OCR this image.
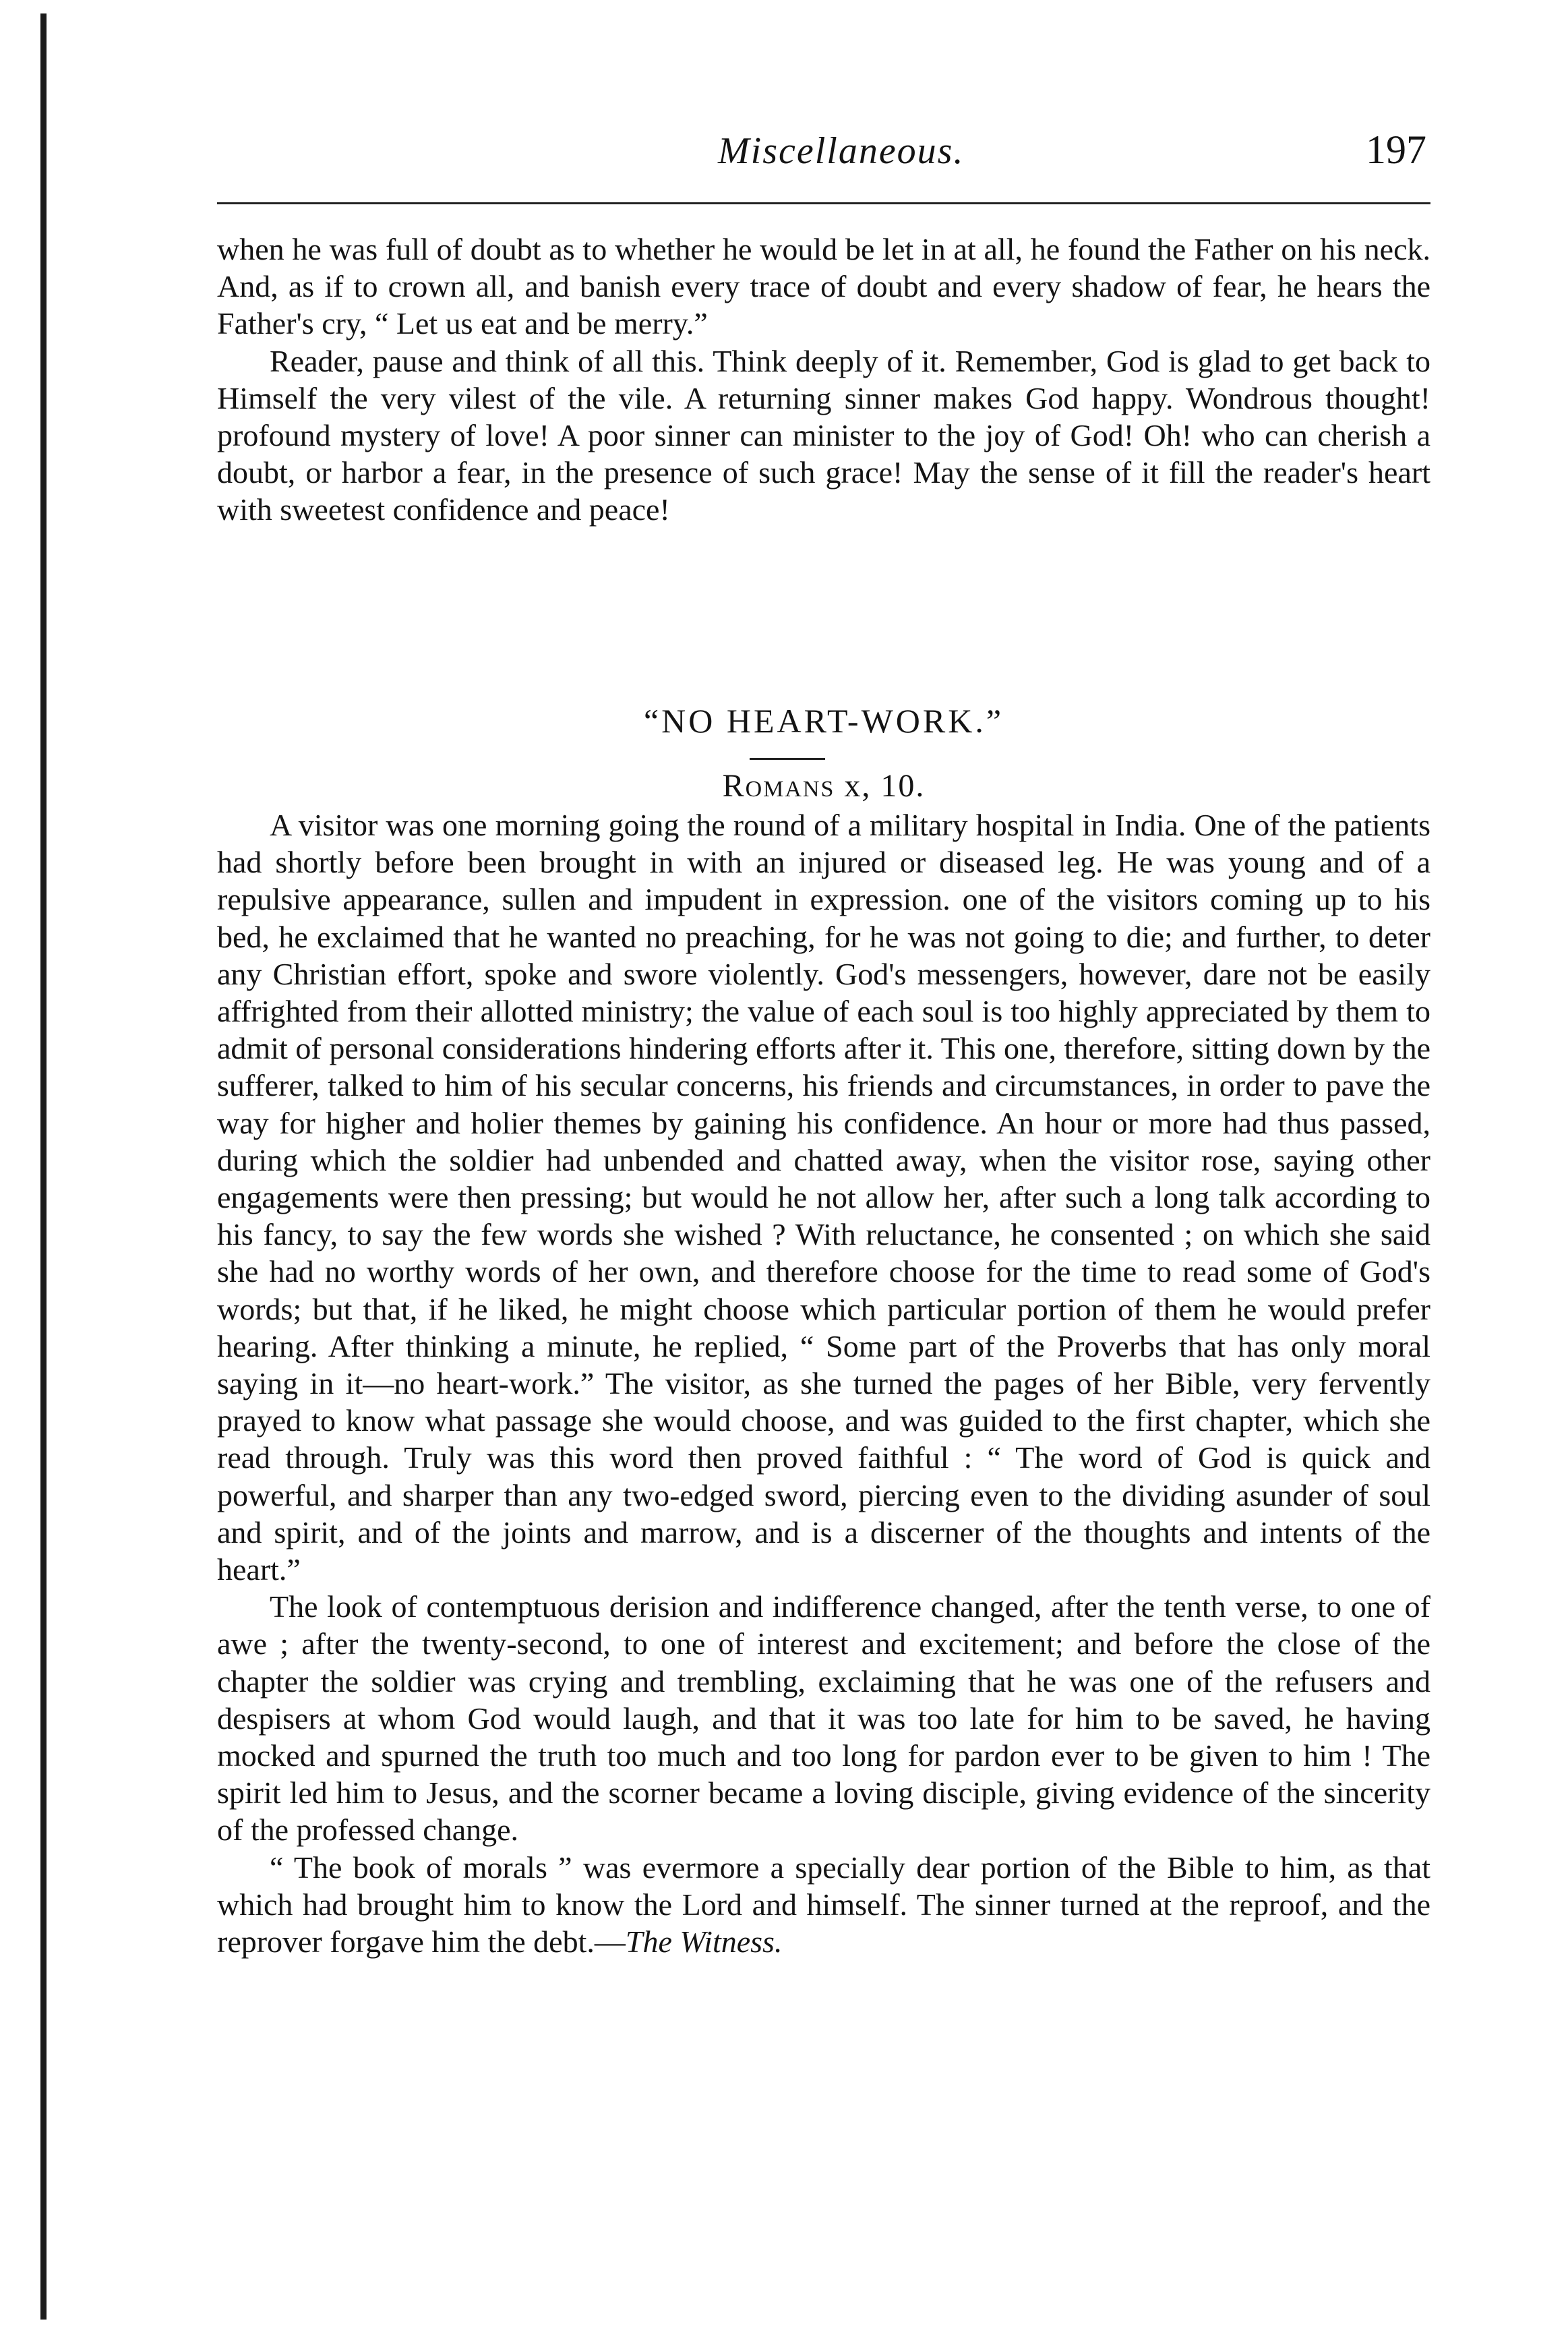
Miscellaneous.	197

when he was full of doubt as to whether he would be let in at all, he found the Father on his neck. And, as if to crown all, and banish every trace of doubt and every shadow of fear, he hears the Father's cry, “ Let us eat and be merry.”

Reader, pause and think of all this. Think deeply of it. Remember, God is glad to get back to Himself the very vilest of the vile. A returning sinner makes God happy. Wondrous thought! profound mystery of love! A poor sinner can minister to the joy of God! Oh! who can cherish a doubt, or harbor a fear, in the presence of such grace! May the sense of it fill the reader's heart with sweetest confidence and peace!

“NO HEART-WORK.”
Romans x, 10.

A visitor was one morning going the round of a military hospital in India. One of the patients had shortly before been brought in with an injured or diseased leg. He was young and of a repulsive appearance, sullen and impudent in expression. one of the visitors coming up to his bed, he exclaimed that he wanted no preaching, for he was not going to die; and further, to deter any Christian effort, spoke and swore violently. God's messengers, however, dare not be easily affrighted from their allotted ministry; the value of each soul is too highly appreciated by them to admit of personal considerations hindering efforts after it. This one, therefore, sitting down by the sufferer, talked to him of his secular concerns, his friends and circumstances, in order to pave the way for higher and holier themes by gaining his confidence. An hour or more had thus passed, during which the soldier had unbended and chatted away, when the visitor rose, saying other engagements were then pressing; but would he not allow her, after such a long talk according to his fancy, to say the few words she wished ? With reluctance, he consented ; on which she said she had no worthy words of her own, and therefore choose for the time to read some of God's words; but that, if he liked, he might choose which particular portion of them he would prefer hearing. After thinking a minute, he replied, “ Some part of the Proverbs that has only moral saying in it—no heart-work.” The visitor, as she turned the pages of her Bible, very fervently prayed to know what passage she would choose, and was guided to the first chapter, which she read through. Truly was this word then proved faithful : “ The word of God is quick and powerful, and sharper than any two-edged sword, piercing even to the dividing asunder of soul and spirit, and of the joints and marrow, and is a discerner of the thoughts and intents of the heart.”

The look of contemptuous derision and indifference changed, after the tenth verse, to one of awe ; after the twenty-second, to one of interest and excitement; and before the close of the chapter the soldier was crying and trembling, exclaiming that he was one of the refusers and despisers at whom God would laugh, and that it was too late for him to be saved, he having mocked and spurned the truth too much and too long for pardon ever to be given to him ! The spirit led him to Jesus, and the scorner became a loving disciple, giving evidence of the sincerity of the professed change.

“ The book of morals ” was evermore a specially dear portion of the Bible to him, as that which had brought him to know the Lord and himself. The sinner turned at the reproof, and the reprover forgave him the debt.—The Witness.
